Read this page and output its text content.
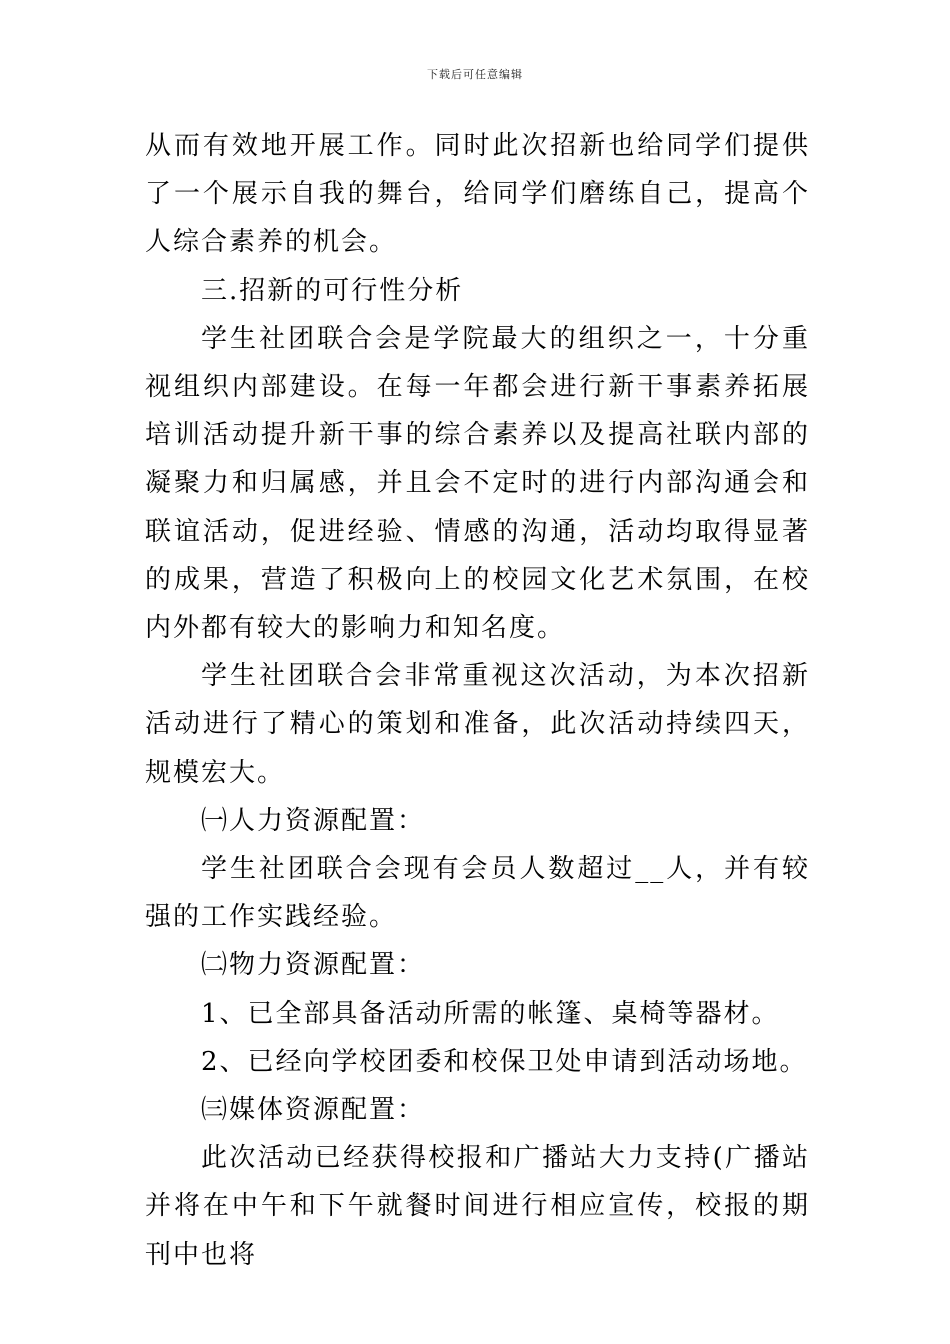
下载后可任意编辑

从而有效地开展工作。同时此次招新也给同学们提供了一个展示自我的舞台，给同学们磨练自己，提高个人综合素养的机会。

三.招新的可行性分析

学生社团联合会是学院最大的组织之一，十分重视组织内部建设。在每一年都会进行新干事素养拓展培训活动提升新干事的综合素养以及提高社联内部的凝聚力和归属感，并且会不定时的进行内部沟通会和联谊活动，促进经验、情感的沟通，活动均取得显著的成果，营造了积极向上的校园文化艺术氛围，在校内外都有较大的影响力和知名度。

学生社团联合会非常重视这次活动，为本次招新活动进行了精心的策划和准备，此次活动持续四天，规模宏大。

㈠人力资源配置：

学生社团联合会现有会员人数超过__人，并有较强的工作实践经验。

㈡物力资源配置：

1、已全部具备活动所需的帐篷、桌椅等器材。

2、已经向学校团委和校保卫处申请到活动场地。

㈢媒体资源配置：

此次活动已经获得校报和广播站大力支持(广播站并将在中午和下午就餐时间进行相应宣传，校报的期刊中也将
